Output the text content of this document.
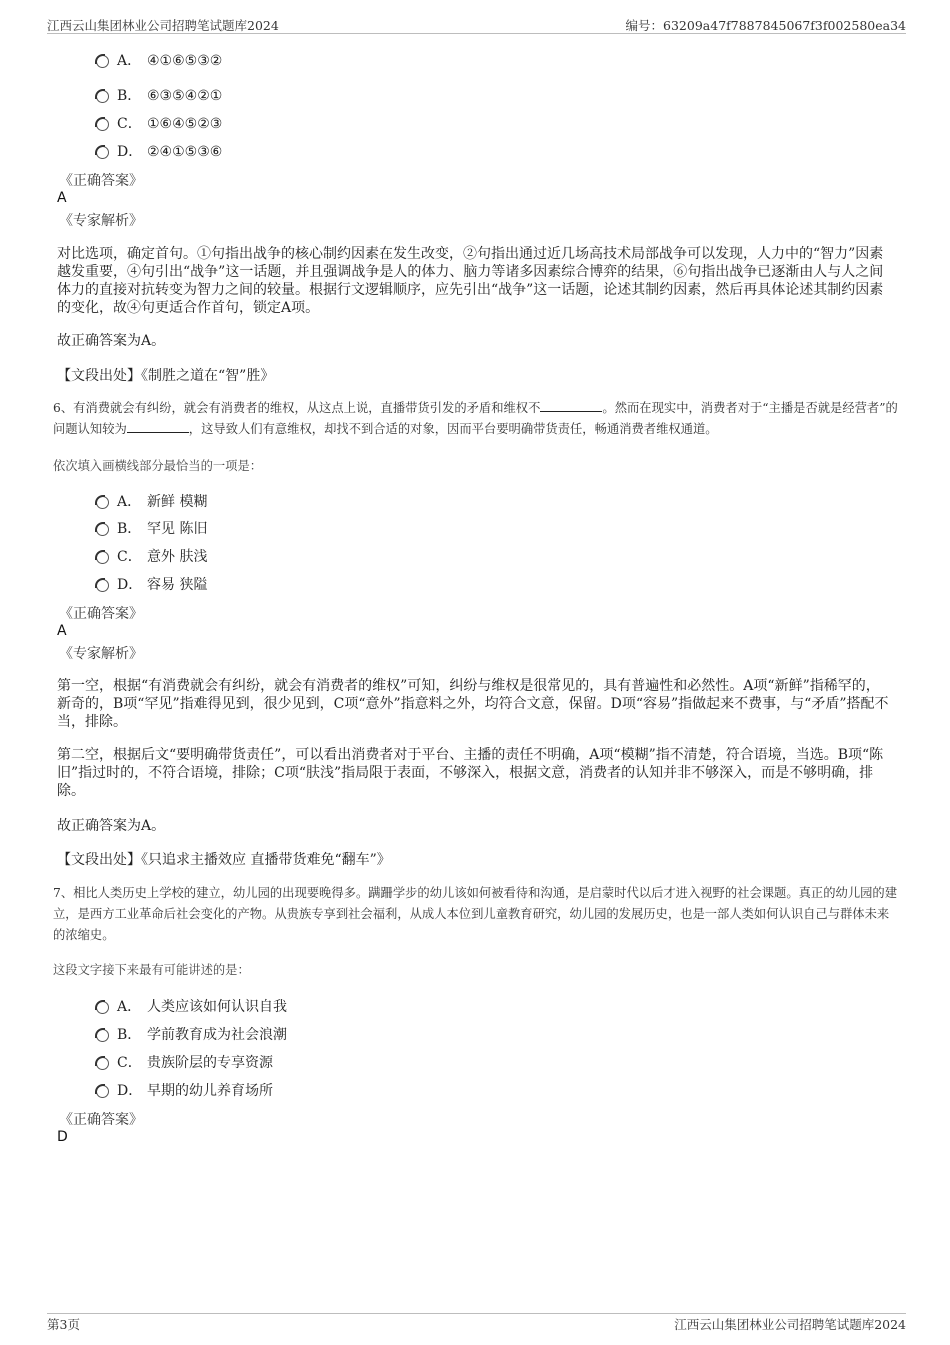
江西云山集团林业公司招聘笔试题库2024	编号：63209a47f7887845067f3f002580ea34
A． ④①⑥⑤③②
B． ⑥③⑤④②①
C． ①⑥④⑤②③
D． ②④①⑤③⑥
《正确答案》
A
《专家解析》
对比选项，确定首句。①句指出战争的核心制约因素在发生改变，②句指出通过近几场高技术局部战争可以发现，人力中的“智力”因素越发重要，④句引出“战争”这一话题，并且强调战争是人的体力、脑力等诸多因素综合博弈的结果，⑥句指出战争已逐渐由人与人之间体力的直接对抗转变为智力之间的较量。根据行文逻辑顺序，应先引出“战争”这一话题，论述其制约因素，然后再具体论述其制约因素的变化，故④句更适合作首句，锁定A项。
故正确答案为A。
【文段出处】《制胜之道在“智”胜》
6、有消费就会有纠纷，就会有消费者的维权，从这点上说，直播带货引发的矛盾和维权不	。然而在现实中，消费者对于“主播是否就是经营者”的问题认知较为	，这导致人们有意维权，却找不到合适的对象，因而平台要明确带货责任，畅通消费者维权通道。
依次填入画横线部分最恰当的一项是：
A． 新鲜 模糊
B． 罕见 陈旧
C． 意外 肤浅
D． 容易 狭隘
《正确答案》
A
《专家解析》
第一空，根据“有消费就会有纠纷，就会有消费者的维权”可知，纠纷与维权是很常见的，具有普遍性和必然性。A项“新鲜”指稀罕的，新奇的，B项“罕见”指难得见到，很少见到，C项“意外”指意料之外，均符合文意，保留。D项“容易”指做起来不费事，与“矛盾”搭配不当，排除。
第二空，根据后文“要明确带货责任”，可以看出消费者对于平台、主播的责任不明确，A项“模糊”指不清楚，符合语境，当选。B项“陈旧”指过时的，不符合语境，排除；C项“肤浅”指局限于表面，不够深入，根据文意，消费者的认知并非不够深入，而是不够明确，排除。
故正确答案为A。
【文段出处】《只追求主播效应 直播带货难免“翻车”》
7、相比人类历史上学校的建立，幼儿园的出现要晚得多。蹒跚学步的幼儿该如何被看待和沟通，是启蒙时代以后才进入视野的社会课题。真正的幼儿园的建立，是西方工业革命后社会变化的产物。从贵族专享到社会福利，从成人本位到儿童教育研究，幼儿园的发展历史，也是一部人类如何认识自己与群体未来的浓缩史。
这段文字接下来最有可能讲述的是：
A． 人类应该如何认识自我
B． 学前教育成为社会浪潮
C． 贵族阶层的专享资源
D． 早期的幼儿养育场所
《正确答案》
D
第3页	江西云山集团林业公司招聘笔试题库2024
